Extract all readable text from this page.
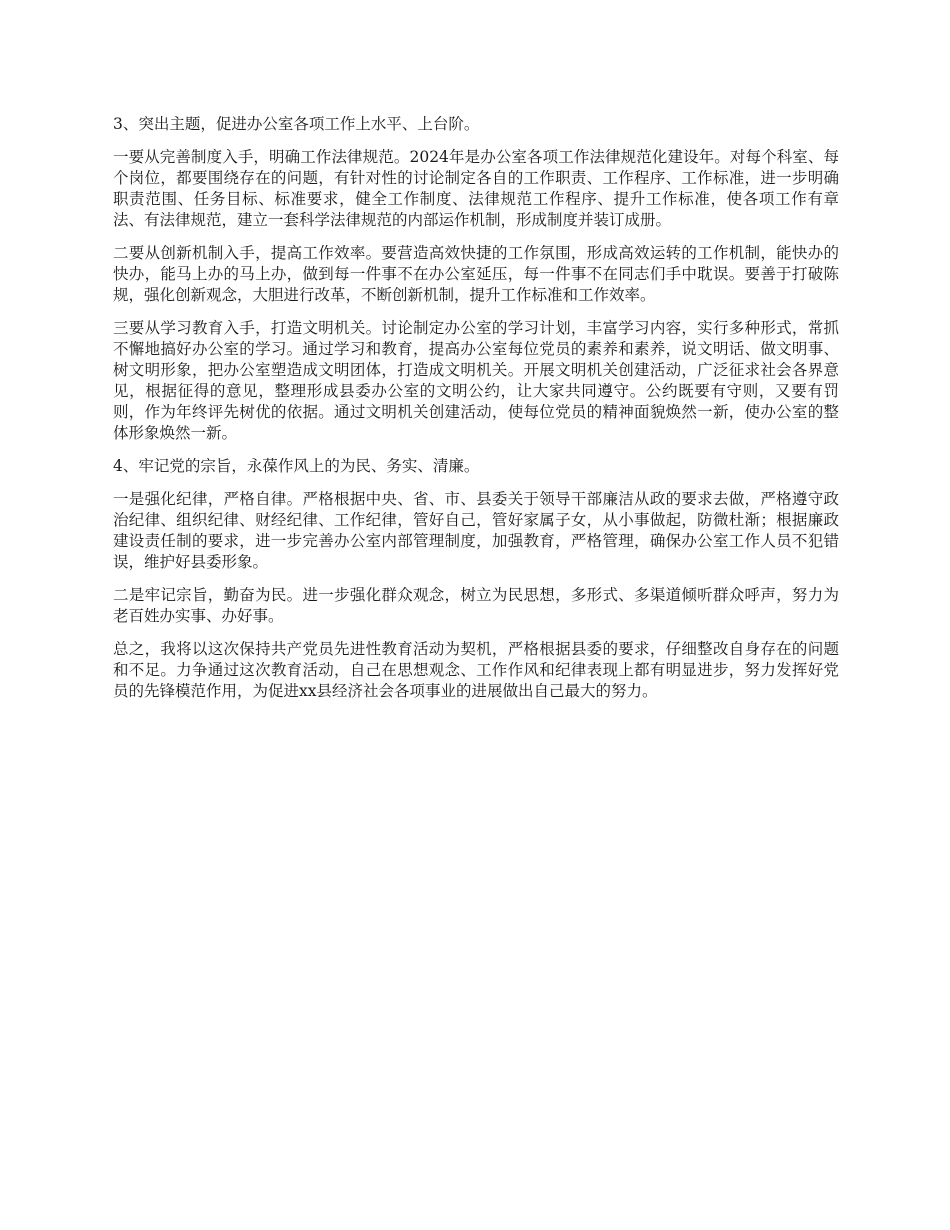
3、突出主题，促进办公室各项工作上水平、上台阶。

一要从完善制度入手，明确工作法律规范。2024年是办公室各项工作法律规范化建设年。对每个科室、每个岗位，都要围绕存在的问题，有针对性的讨论制定各自的工作职责、工作程序、工作标准，进一步明确职责范围、任务目标、标准要求，健全工作制度、法律规范工作程序、提升工作标准，使各项工作有章法、有法律规范，建立一套科学法律规范的内部运作机制，形成制度并装订成册。

二要从创新机制入手，提高工作效率。要营造高效快捷的工作氛围，形成高效运转的工作机制，能快办的快办，能马上办的马上办，做到每一件事不在办公室延压，每一件事不在同志们手中耽误。要善于打破陈规，强化创新观念，大胆进行改革，不断创新机制，提升工作标准和工作效率。

三要从学习教育入手，打造文明机关。讨论制定办公室的学习计划，丰富学习内容，实行多种形式，常抓不懈地搞好办公室的学习。通过学习和教育，提高办公室每位党员的素养和素养，说文明话、做文明事、树文明形象，把办公室塑造成文明团体，打造成文明机关。开展文明机关创建活动，广泛征求社会各界意见，根据征得的意见，整理形成县委办公室的文明公约，让大家共同遵守。公约既要有守则，又要有罚则，作为年终评先树优的依据。通过文明机关创建活动，使每位党员的精神面貌焕然一新，使办公室的整体形象焕然一新。

4、牢记党的宗旨，永葆作风上的为民、务实、清廉。

一是强化纪律，严格自律。严格根据中央、省、市、县委关于领导干部廉洁从政的要求去做，严格遵守政治纪律、组织纪律、财经纪律、工作纪律，管好自己，管好家属子女，从小事做起，防微杜渐；根据廉政建设责任制的要求，进一步完善办公室内部管理制度，加强教育，严格管理，确保办公室工作人员不犯错误，维护好县委形象。

二是牢记宗旨，勤奋为民。进一步强化群众观念，树立为民思想，多形式、多渠道倾听群众呼声，努力为老百姓办实事、办好事。

总之，我将以这次保持共产党员先进性教育活动为契机，严格根据县委的要求，仔细整改自身存在的问题和不足。力争通过这次教育活动，自己在思想观念、工作作风和纪律表现上都有明显进步，努力发挥好党员的先锋模范作用，为促进xx县经济社会各项事业的进展做出自己最大的努力。
